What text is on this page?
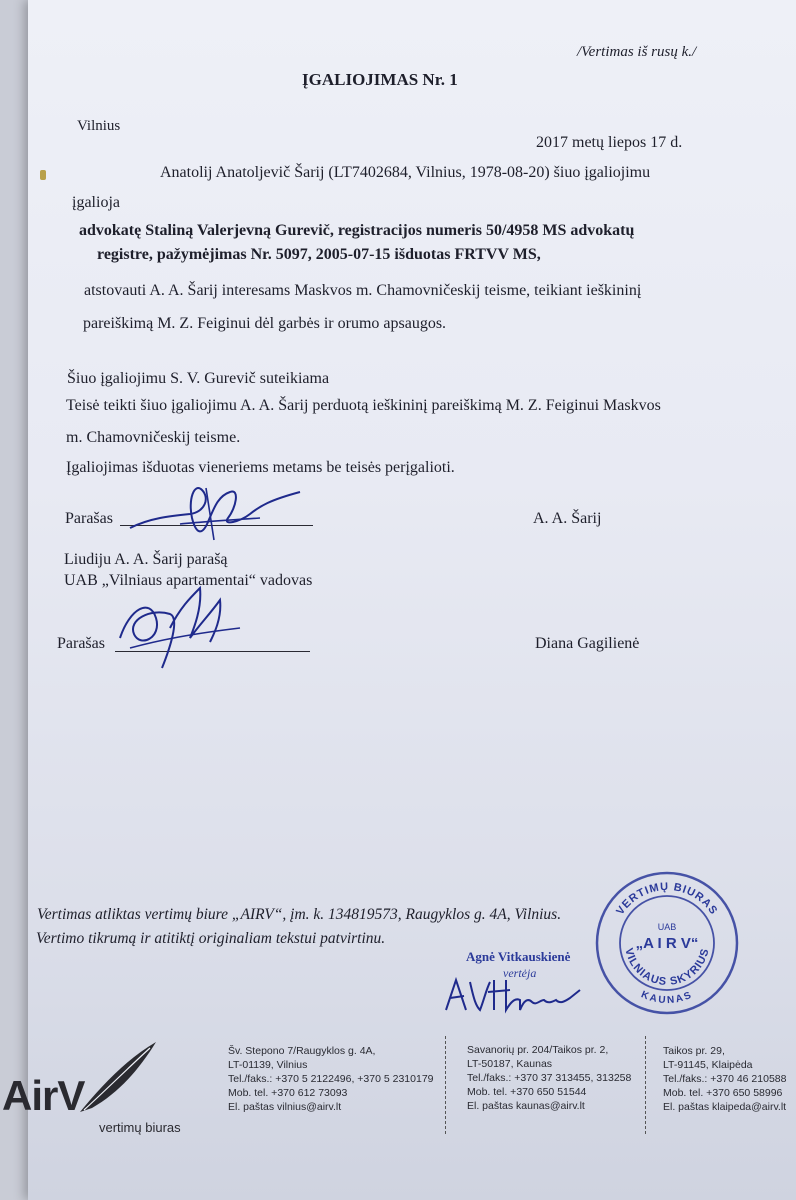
/Vertimas iš rusų k./
ĮGALIOJIMAS Nr. 1
Vilnius
2017 metų liepos 17 d.
Anatolij Anatoljevič Šarij (LT7402684, Vilnius, 1978-08-20) šiuo įgaliojimu
įgalioja
advokatę Staliną Valerjevną Gurevič, registracijos numeris 50/4958 MS advokatų
registre, pažymėjimas Nr. 5097, 2005-07-15 išduotas FRTVV MS,
atstovauti A. A. Šarij interesams Maskvos m. Chamovničeskij teisme, teikiant ieškininį
pareiškimą M. Z. Feiginui dėl garbės ir orumo apsaugos.
Šiuo įgaliojimu S. V. Gurevič suteikiama
Teisė teikti šiuo įgaliojimu A. A. Šarij perduotą ieškininį pareiškimą M. Z. Feiginui Maskvos
m. Chamovničeskij teisme.
Įgaliojimas išduotas vieneriems metams be teisės perįgalioti.
Parašas	A. A. Šarij
Liudiju A. A. Šarij parašą
UAB „Vilniaus apartamentai“ vadovas
Parašas	Diana Gagilienė
Vertimas atliktas vertimų biure „AIRV“, įm. k. 134819573, Raugyklos g. 4A, Vilnius.
Vertimo tikrumą ir atitiktį originaliam tekstui patvirtinu.
Agnė Vitkauskienė
vertėja
VERTIMŲ BIURAS
VILNIAUS SKYRIUS
KAUNAS
UAB
„A I R V“
AirV
vertimų biuras
Šv. Stepono 7/Raugyklos g. 4A,
LT-01139, Vilnius
Tel./faks.: +370 5 2122496, +370 5 2310179
Mob. tel. +370 612 73093
El. paštas vilnius@airv.lt
Savanorių pr. 204/Taikos pr. 2,
LT-50187, Kaunas
Tel./faks.: +370 37 313455, 313258
Mob. tel. +370 650 51544
El. paštas kaunas@airv.lt
Taikos pr. 29,
LT-91145, Klaipėda
Tel./faks.: +370 46 210588
Mob. tel. +370 650 58996
El. paštas klaipeda@airv.lt
